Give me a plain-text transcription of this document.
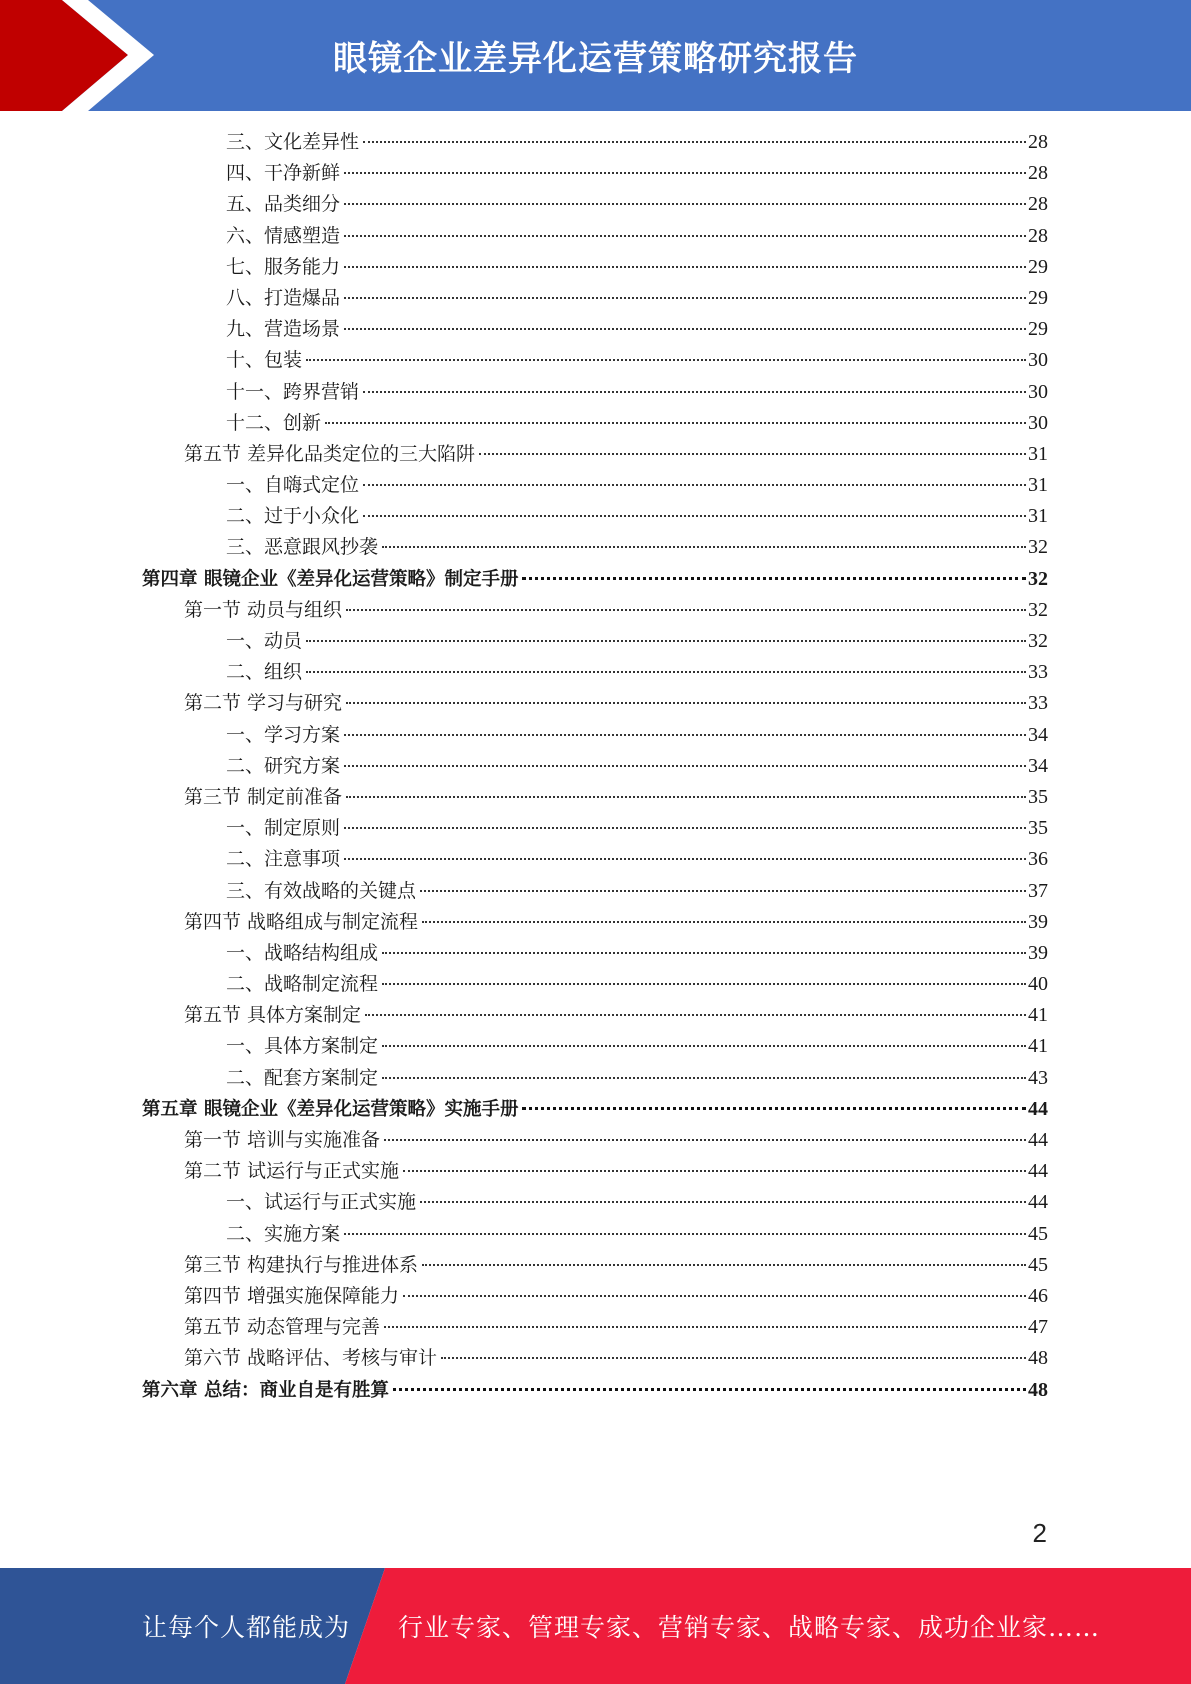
眼镜企业差异化运营策略研究报告
三、文化差异性	28
四、干净新鲜	28
五、品类细分	28
六、情感塑造	28
七、服务能力	29
八、打造爆品	29
九、营造场景	29
十、包装	30
十一、跨界营销	30
十二、创新	30
第五节 差异化品类定位的三大陷阱	31
一、自嗨式定位	31
二、过于小众化	31
三、恶意跟风抄袭	32
第四章 眼镜企业《差异化运营策略》制定手册	32
第一节 动员与组织	32
一、动员	32
二、组织	33
第二节 学习与研究	33
一、学习方案	34
二、研究方案	34
第三节 制定前准备	35
一、制定原则	35
二、注意事项	36
三、有效战略的关键点	37
第四节 战略组成与制定流程	39
一、战略结构组成	39
二、战略制定流程	40
第五节 具体方案制定	41
一、具体方案制定	41
二、配套方案制定	43
第五章 眼镜企业《差异化运营策略》实施手册	44
第一节 培训与实施准备	44
第二节 试运行与正式实施	44
一、试运行与正式实施	44
二、实施方案	45
第三节 构建执行与推进体系	45
第四节 增强实施保障能力	46
第五节 动态管理与完善	47
第六节 战略评估、考核与审计	48
第六章 总结：商业自是有胜算	48
2
让每个人都能成为 行业专家、管理专家、营销专家、战略专家、成功企业家……
